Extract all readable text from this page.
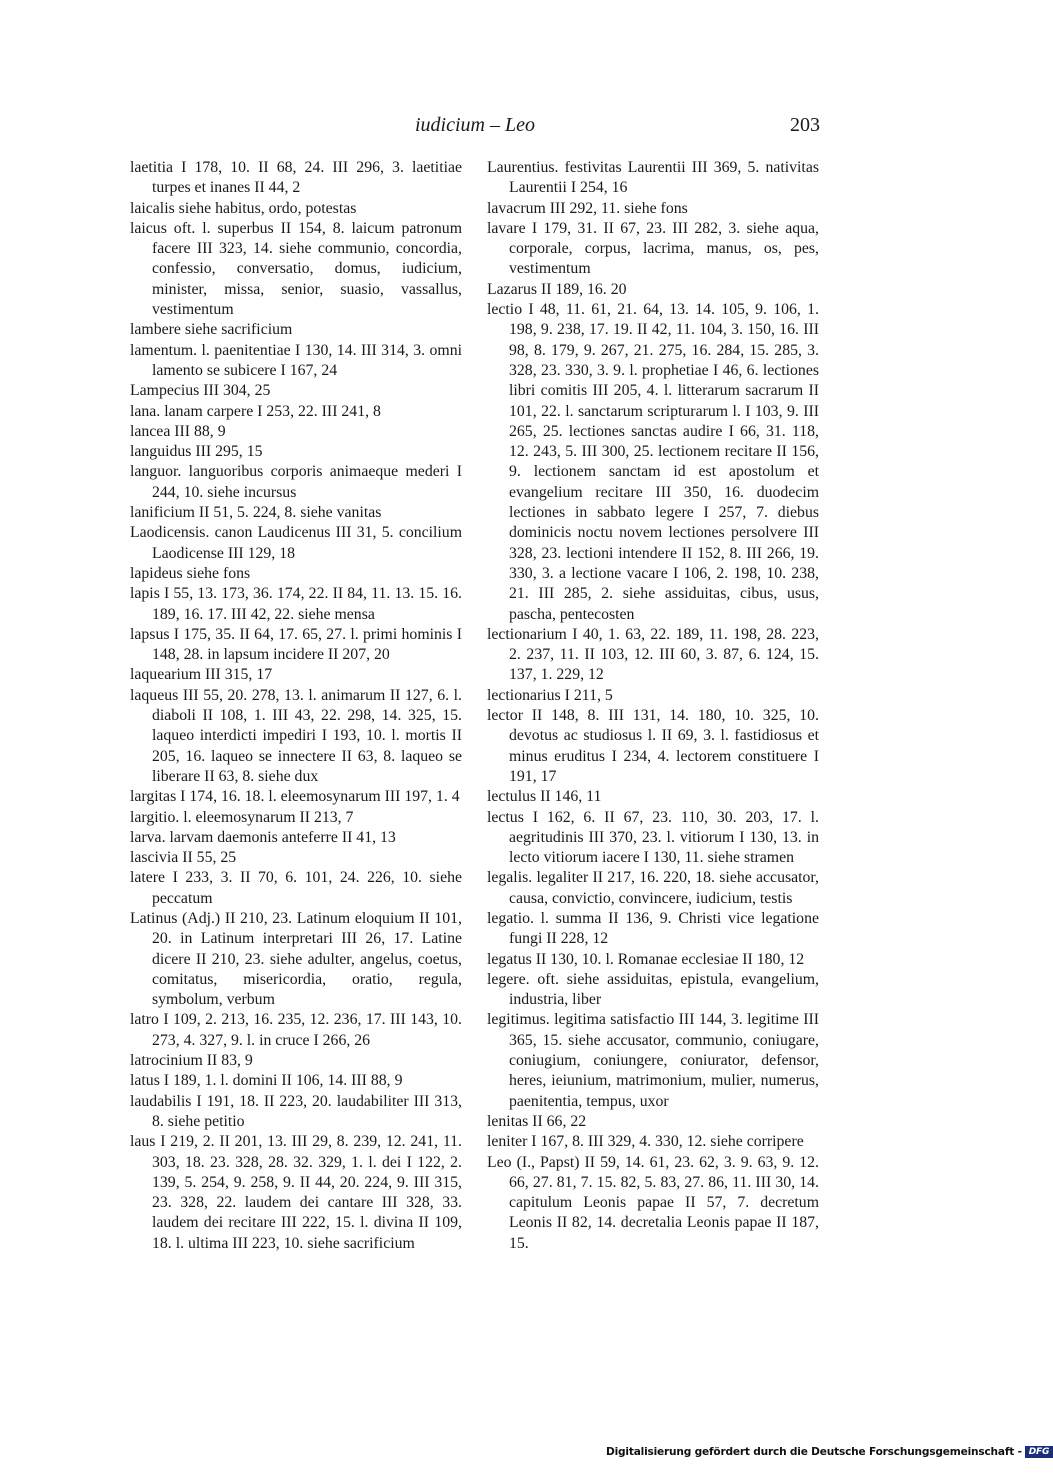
iudicium – Leo	203

laetitia I 178, 10. II 68, 24. III 296, 3. laetitiae turpes et inanes II 44, 2

laicalis siehe habitus, ordo, potestas

laicus oft. l. superbus II 154, 8. laicum patronum facere III 323, 14. siehe communio, concordia, confessio, conversatio, domus, iudicium, minister, missa, senior, suasio, vassallus, vestimentum

lambere siehe sacrificium

lamentum. l. paenitentiae I 130, 14. III 314, 3. omni lamento se subicere I 167, 24

Lampecius III 304, 25

lana. lanam carpere I 253, 22. III 241, 8

lancea III 88, 9

languidus III 295, 15

languor. languoribus corporis animaeque mederi I 244, 10. siehe incursus

lanificium II 51, 5. 224, 8. siehe vanitas

Laodicensis. canon Laudicenus III 31, 5. concilium Laodicense III 129, 18

lapideus siehe fons

lapis I 55, 13. 173, 36. 174, 22. II 84, 11. 13. 15. 16. 189, 16. 17. III 42, 22. siehe mensa

lapsus I 175, 35. II 64, 17. 65, 27. l. primi hominis I 148, 28. in lapsum incidere II 207, 20

laquearium III 315, 17

laqueus III 55, 20. 278, 13. l. animarum II 127, 6. l. diaboli II 108, 1. III 43, 22. 298, 14. 325, 15. laqueo interdicti impediri I 193, 10. l. mortis II 205, 16. laqueo se innectere II 63, 8. laqueo se liberare II 63, 8. siehe dux

largitas I 174, 16. 18. l. eleemosynarum III 197, 1. 4

largitio. l. eleemosynarum II 213, 7

larva. larvam daemonis anteferre II 41, 13

lascivia II 55, 25

latere I 233, 3. II 70, 6. 101, 24. 226, 10. siehe peccatum

Latinus (Adj.) II 210, 23. Latinum eloquium II 101, 20. in Latinum interpretari III 26, 17. Latine dicere II 210, 23. siehe adulter, angelus, coetus, comitatus, misericordia, oratio, regula, symbolum, verbum

latro I 109, 2. 213, 16. 235, 12. 236, 17. III 143, 10. 273, 4. 327, 9. l. in cruce I 266, 26

latrocinium II 83, 9

latus I 189, 1. l. domini II 106, 14. III 88, 9

laudabilis I 191, 18. II 223, 20. laudabiliter III 313, 8. siehe petitio

laus I 219, 2. II 201, 13. III 29, 8. 239, 12. 241, 11. 303, 18. 23. 328, 28. 32. 329, 1. l. dei I 122, 2. 139, 5. 254, 9. 258, 9. II 44, 20. 224, 9. III 315, 23. 328, 22. laudem dei cantare III 328, 33. laudem dei recitare III 222, 15. l. divina II 109, 18. l. ultima III 223, 10. siehe sacrificium

Laurentius. festivitas Laurentii III 369, 5. nativitas Laurentii I 254, 16

lavacrum III 292, 11. siehe fons

lavare I 179, 31. II 67, 23. III 282, 3. siehe aqua, corporale, corpus, lacrima, manus, os, pes, vestimentum

Lazarus II 189, 16. 20

lectio I 48, 11. 61, 21. 64, 13. 14. 105, 9. 106, 1. 198, 9. 238, 17. 19. II 42, 11. 104, 3. 150, 16. III 98, 8. 179, 9. 267, 21. 275, 16. 284, 15. 285, 3. 328, 23. 330, 3. 9. l. prophetiae I 46, 6. lectiones libri comitis III 205, 4. l. litterarum sacrarum II 101, 22. l. sanctarum scripturarum l. I 103, 9. III 265, 25. lectiones sanctas audire I 66, 31. 118, 12. 243, 5. III 300, 25. lectionem recitare II 156, 9. lectionem sanctam id est apostolum et evangelium recitare III 350, 16. duodecim lectiones in sabbato legere I 257, 7. diebus dominicis noctu novem lectiones persolvere III 328, 23. lectioni intendere II 152, 8. III 266, 19. 330, 3. a lectione vacare I 106, 2. 198, 10. 238, 21. III 285, 2. siehe assiduitas, cibus, usus, pascha, pentecosten

lectionarium I 40, 1. 63, 22. 189, 11. 198, 28. 223, 2. 237, 11. II 103, 12. III 60, 3. 87, 6. 124, 15. 137, 1. 229, 12

lectionarius I 211, 5

lector II 148, 8. III 131, 14. 180, 10. 325, 10. devotus ac studiosus l. II 69, 3. l. fastidiosus et minus eruditus I 234, 4. lectorem constituere I 191, 17

lectulus II 146, 11

lectus I 162, 6. II 67, 23. 110, 30. 203, 17. l. aegritudinis III 370, 23. l. vitiorum I 130, 13. in lecto vitiorum iacere I 130, 11. siehe stramen

legalis. legaliter II 217, 16. 220, 18. siehe accusator, causa, convictio, convincere, iudicium, testis

legatio. l. summa II 136, 9. Christi vice legatione fungi II 228, 12

legatus II 130, 10. l. Romanae ecclesiae II 180, 12

legere. oft. siehe assiduitas, epistula, evangelium, industria, liber

legitimus. legitima satisfactio III 144, 3. legitime III 365, 15. siehe accusator, communio, coniugare, coniugium, coniungere, coniurator, defensor, heres, ieiunium, matrimonium, mulier, numerus, paenitentia, tempus, uxor

lenitas II 66, 22

leniter I 167, 8. III 329, 4. 330, 12. siehe corripere

Leo (I., Papst) II 59, 14. 61, 23. 62, 3. 9. 63, 9. 12. 66, 27. 81, 7. 15. 82, 5. 83, 27. 86, 11. III 30, 14. capitulum Leonis papae II 57, 7. decretum Leonis II 82, 14. decretalia Leonis papae II 187, 15.

Digitalisierung gefördert durch die Deutsche Forschungsgemeinschaft - DFG
